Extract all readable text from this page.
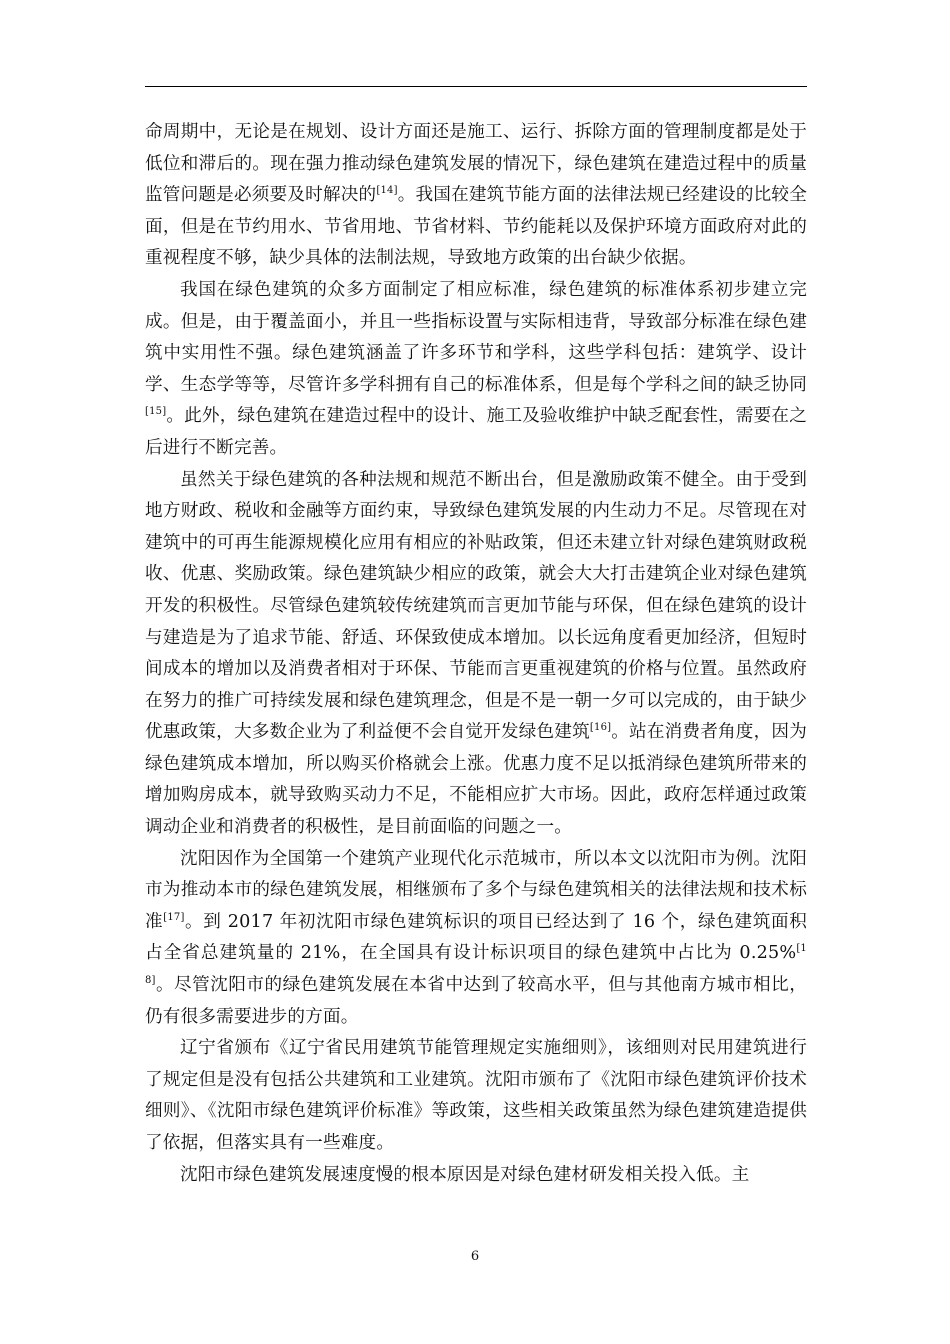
命周期中，无论是在规划、设计方面还是施工、运行、拆除方面的管理制度都是处于低位和滞后的。现在强力推动绿色建筑发展的情况下，绿色建筑在建造过程中的质量监管问题是必须要及时解决的[14]。我国在建筑节能方面的法律法规已经建设的比较全面，但是在节约用水、节省用地、节省材料、节约能耗以及保护环境方面政府对此的重视程度不够，缺少具体的法制法规，导致地方政策的出台缺少依据。

我国在绿色建筑的众多方面制定了相应标准，绿色建筑的标准体系初步建立完成。但是，由于覆盖面小，并且一些指标设置与实际相违背，导致部分标准在绿色建筑中实用性不强。绿色建筑涵盖了许多环节和学科，这些学科包括：建筑学、设计学、生态学等等，尽管许多学科拥有自己的标准体系，但是每个学科之间的缺乏协同[15]。此外，绿色建筑在建造过程中的设计、施工及验收维护中缺乏配套性，需要在之后进行不断完善。

虽然关于绿色建筑的各种法规和规范不断出台，但是激励政策不健全。由于受到地方财政、税收和金融等方面约束，导致绿色建筑发展的内生动力不足。尽管现在对建筑中的可再生能源规模化应用有相应的补贴政策，但还未建立针对绿色建筑财政税收、优惠、奖励政策。绿色建筑缺少相应的政策，就会大大打击建筑企业对绿色建筑开发的积极性。尽管绿色建筑较传统建筑而言更加节能与环保，但在绿色建筑的设计与建造是为了追求节能、舒适、环保致使成本增加。以长远角度看更加经济，但短时间成本的增加以及消费者相对于环保、节能而言更重视建筑的价格与位置。虽然政府在努力的推广可持续发展和绿色建筑理念，但是不是一朝一夕可以完成的，由于缺少优惠政策，大多数企业为了利益便不会自觉开发绿色建筑[16]。站在消费者角度，因为绿色建筑成本增加，所以购买价格就会上涨。优惠力度不足以抵消绿色建筑所带来的增加购房成本，就导致购买动力不足，不能相应扩大市场。因此，政府怎样通过政策调动企业和消费者的积极性，是目前面临的问题之一。

沈阳因作为全国第一个建筑产业现代化示范城市，所以本文以沈阳市为例。沈阳市为推动本市的绿色建筑发展，相继颁布了多个与绿色建筑相关的法律法规和技术标准[17]。到 2017 年初沈阳市绿色建筑标识的项目已经达到了 16 个，绿色建筑面积占全省总建筑量的 21%，在全国具有设计标识项目的绿色建筑中占比为 0.25%[18]。尽管沈阳市的绿色建筑发展在本省中达到了较高水平，但与其他南方城市相比，仍有很多需要进步的方面。

辽宁省颁布《辽宁省民用建筑节能管理规定实施细则》，该细则对民用建筑进行了规定但是没有包括公共建筑和工业建筑。沈阳市颁布了《沈阳市绿色建筑评价技术细则》、《沈阳市绿色建筑评价标准》等政策，这些相关政策虽然为绿色建筑建造提供了依据，但落实具有一些难度。

沈阳市绿色建筑发展速度慢的根本原因是对绿色建材研发相关投入低。主

6
